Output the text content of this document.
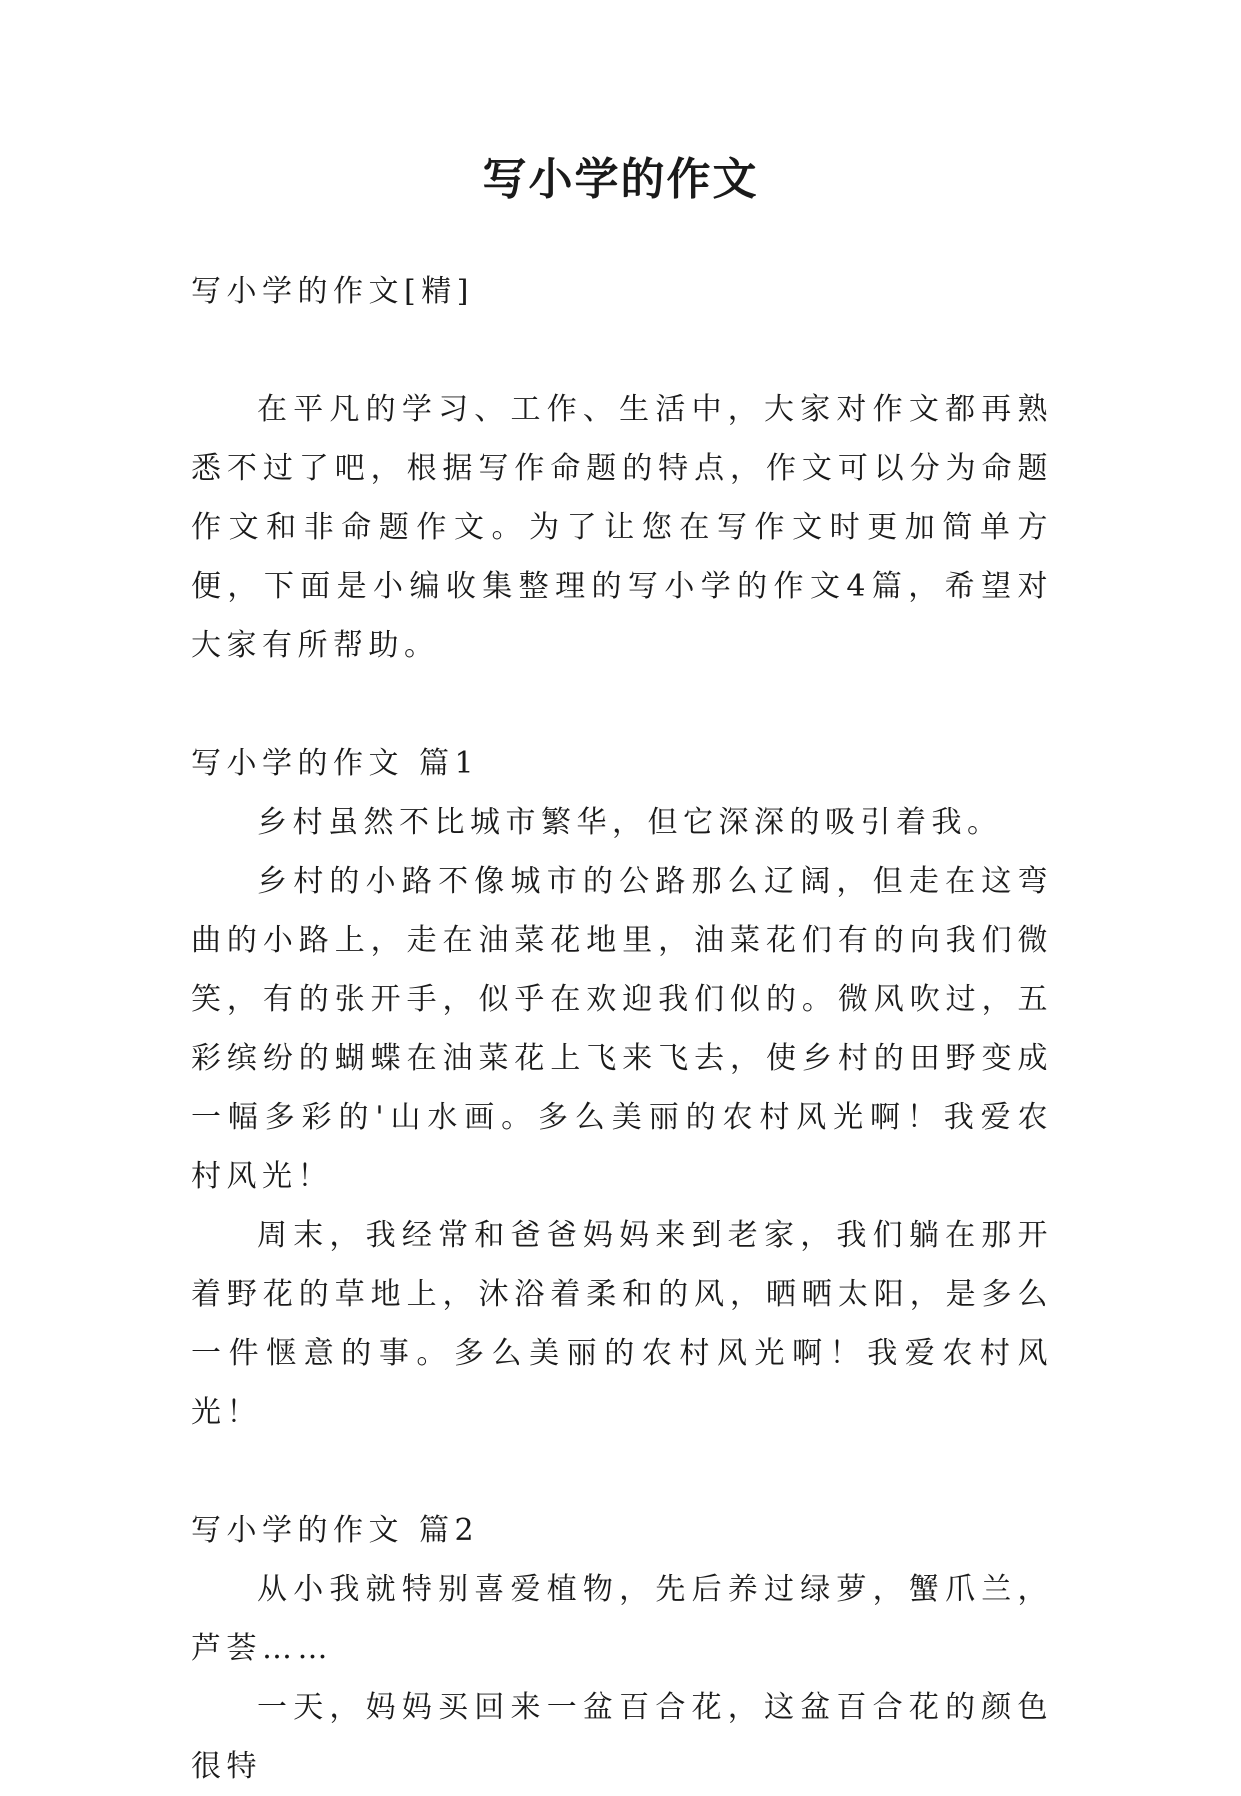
写小学的作文

写小学的作文[精]

在平凡的学习、工作、生活中，大家对作文都再熟悉不过了吧，根据写作命题的特点，作文可以分为命题作文和非命题作文。为了让您在写作文时更加简单方便，下面是小编收集整理的写小学的作文4篇，希望对大家有所帮助。

写小学的作文 篇1

乡村虽然不比城市繁华，但它深深的吸引着我。

乡村的小路不像城市的公路那么辽阔，但走在这弯曲的小路上，走在油菜花地里，油菜花们有的向我们微笑，有的张开手，似乎在欢迎我们似的。微风吹过，五彩缤纷的蝴蝶在油菜花上飞来飞去，使乡村的田野变成一幅多彩的'山水画。多么美丽的农村风光啊！我爱农村风光！

周末，我经常和爸爸妈妈来到老家，我们躺在那开着野花的草地上，沐浴着柔和的风，晒晒太阳，是多么一件惬意的事。多么美丽的农村风光啊！我爱农村风光！

写小学的作文 篇2

从小我就特别喜爱植物，先后养过绿萝，蟹爪兰，芦荟……

一天，妈妈买回来一盆百合花，这盆百合花的颜色很特
